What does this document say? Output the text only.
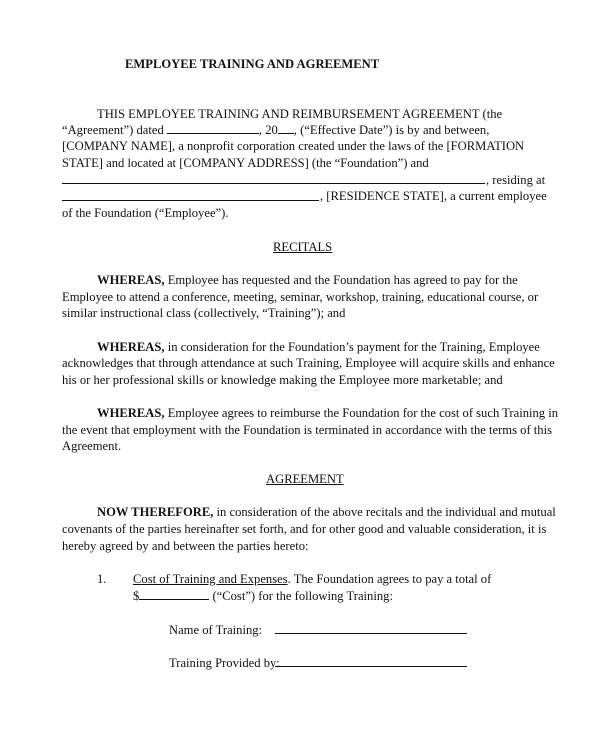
EMPLOYEE TRAINING AND AGREEMENT
THIS EMPLOYEE TRAINING AND REIMBURSEMENT AGREEMENT (the
“Agreement”) dated	, 20 , (“Effective Date”) is by and between,
[COMPANY NAME], a nonprofit corporation created under the laws of the [FORMATION
STATE] and located at [COMPANY ADDRESS] (the “Foundation”) and
, residing at
, [RESIDENCE STATE], a current employee
of the Foundation (“Employee”).
RECITALS
WHEREAS, Employee has requested and the Foundation has agreed to pay for the
Employee to attend a conference, meeting, seminar, workshop, training, educational course, or
similar instructional class (collectively, “Training”); and
WHEREAS, in consideration for the Foundation’s payment for the Training, Employee
acknowledges that through attendance at such Training, Employee will acquire skills and enhance
his or her professional skills or knowledge making the Employee more marketable; and
WHEREAS, Employee agrees to reimburse the Foundation for the cost of such Training in
the event that employment with the Foundation is terminated in accordance with the terms of this
Agreement.
AGREEMENT
NOW THEREFORE, in consideration of the above recitals and the individual and mutual
covenants of the parties hereinafter set forth, and for other good and valuable consideration, it is
hereby agreed by and between the parties hereto:
1. Cost of Training and Expenses. The Foundation agrees to pay a total of
$	(“Cost”) for the following Training:
Name of Training:
Training Provided by:
